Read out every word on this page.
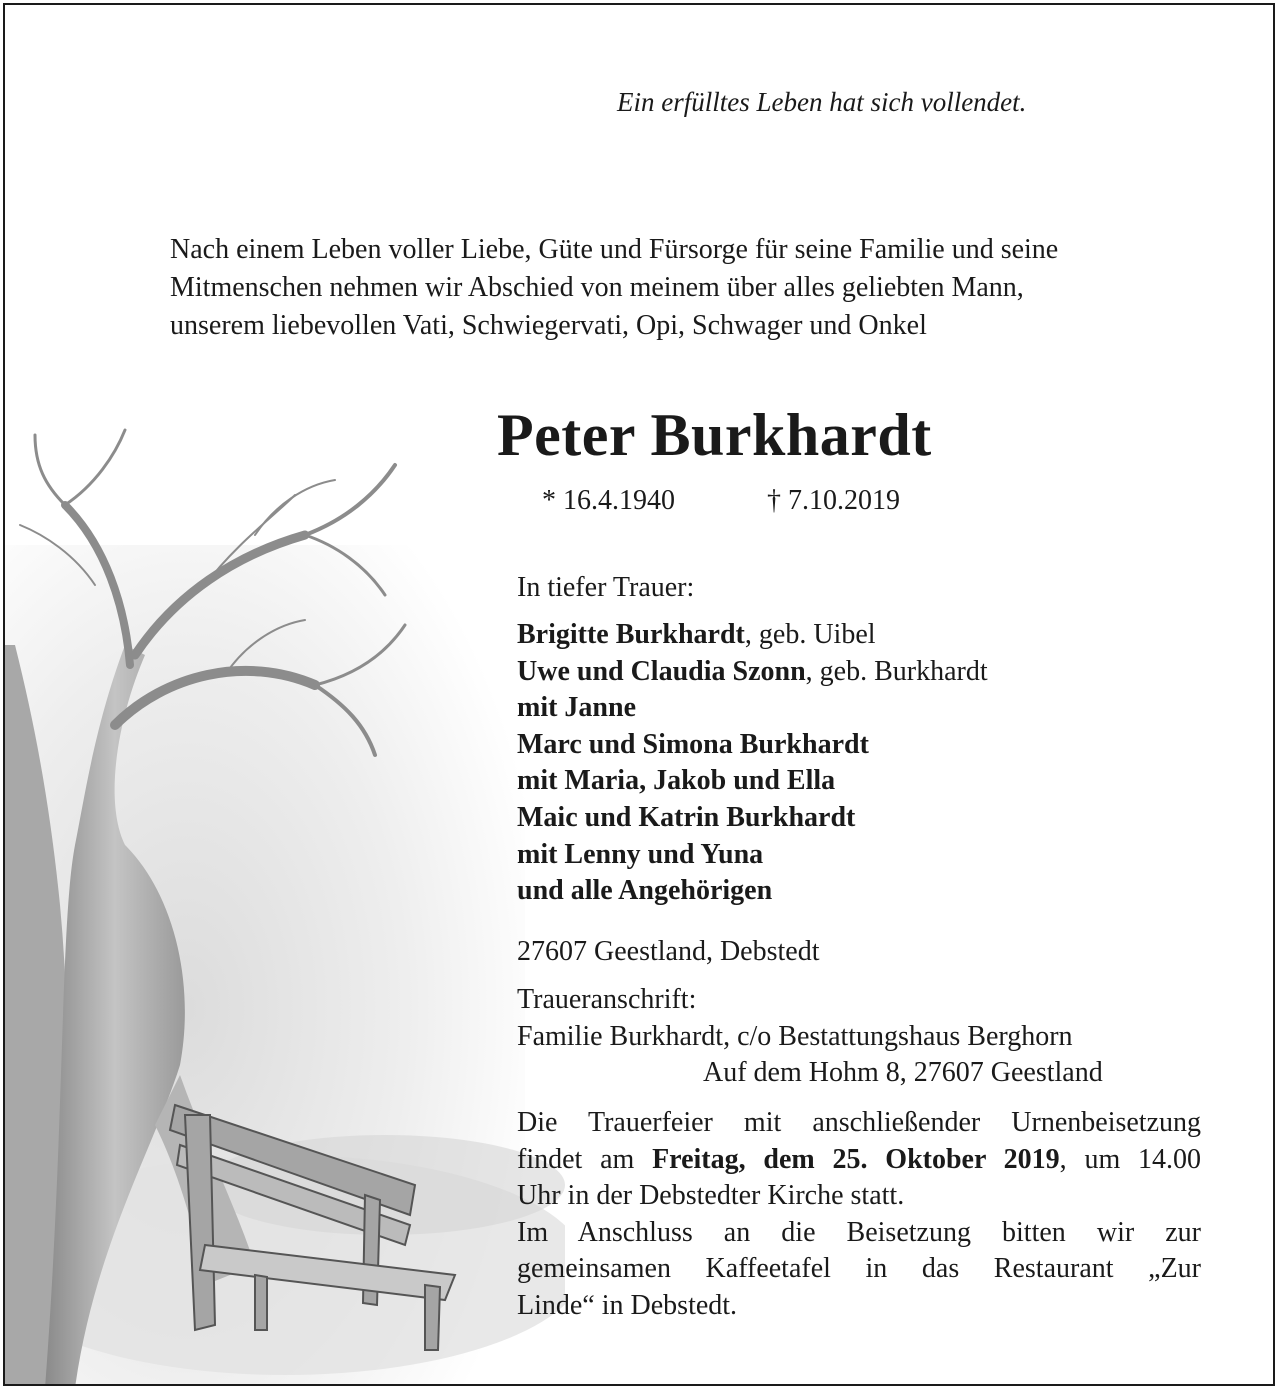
Ein erfülltes Leben hat sich vollendet.

Nach einem Leben voller Liebe, Güte und Fürsorge für seine Familie und seine
Mitmenschen nehmen wir Abschied von meinem über alles geliebten Mann,
unserem liebevollen Vati, Schwiegervati, Opi, Schwager und Onkel

Peter Burkhardt
* 16.4.1940	† 7.10.2019
In tiefer Trauer:
Brigitte Burkhardt, geb. Uibel
Uwe und Claudia Szonn, geb. Burkhardt
mit Janne
Marc und Simona Burkhardt
mit Maria, Jakob und Ella
Maic und Katrin Burkhardt
mit Lenny und Yuna
und alle Angehörigen
27607 Geestland, Debstedt
Traueranschrift:
Familie Burkhardt, c/o Bestattungshaus Berghorn
Auf dem Hohm 8, 27607 Geestland
Die Trauerfeier mit anschließender Urnenbeisetzung
findet am Freitag, dem 25. Oktober 2019, um 14.00
Uhr in der Debstedter Kirche statt.
Im Anschluss an die Beisetzung bitten wir zur
gemeinsamen Kaffeetafel in das Restaurant „Zur
Linde“ in Debstedt.
